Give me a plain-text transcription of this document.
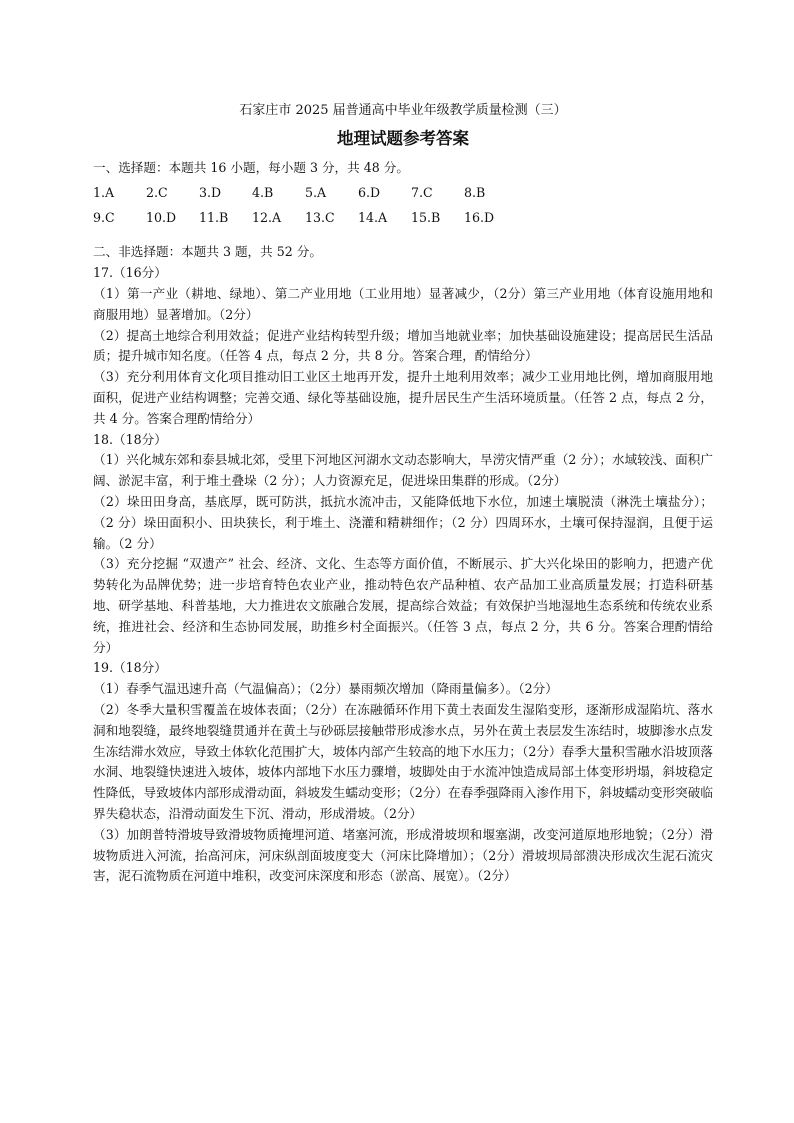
石家庄市 2025 届普通高中毕业年级教学质量检测（三）
地理试题参考答案

一、选择题：本题共 16 小题，每小题 3 分，共 48 分。

1.A	2.C	3.D	4.B	5.A	6.D	7.C	8.B
9.C	10.D	11.B	12.A	13.C	14.A	15.B	16.D

二、非选择题：本题共 3 题，共 52 分。

17.（16分）

（1）第一产业（耕地、绿地）、第二产业用地（工业用地）显著减少，（2分）第三产业用地（体育设施用地和商服用地）显著增加。（2分）

（2）提高土地综合利用效益；促进产业结构转型升级；增加当地就业率；加快基础设施建设；提高居民生活品质；提升城市知名度。（任答 4 点，每点 2 分，共 8 分。答案合理，酌情给分）

（3）充分利用体育文化项目推动旧工业区土地再开发，提升土地利用效率；减少工业用地比例，增加商服用地面积，促进产业结构调整；完善交通、绿化等基础设施，提升居民生产生活环境质量。（任答 2 点，每点 2 分，共 4 分。答案合理酌情给分）

18.（18分）

（1）兴化城东郊和泰县城北郊，受里下河地区河湖水文动态影响大，旱涝灾情严重（2 分）；水域较浅、面积广阔、淤泥丰富，利于堆土叠垛（2 分）；人力资源充足，促进垛田集群的形成。（2分）

（2）垛田田身高，基底厚，既可防洪，抵抗水流冲击，又能降低地下水位，加速土壤脱渍（淋洗土壤盐分）；（2 分）垛田面积小、田块狭长，利于堆土、浇灌和精耕细作；（2 分）四周环水，土壤可保持湿润，且便于运输。（2 分）

（3）充分挖掘 “双遗产” 社会、经济、文化、生态等方面价值，不断展示、扩大兴化垛田的影响力，把遗产优势转化为品牌优势；进一步培育特色农业产业，推动特色农产品种植、农产品加工业高质量发展；打造科研基地、研学基地、科普基地，大力推进农文旅融合发展，提高综合效益；有效保护当地湿地生态系统和传统农业系统，推进社会、经济和生态协同发展，助推乡村全面振兴。（任答 3 点，每点 2 分，共 6 分。答案合理酌情给分）

19.（18分）

（1）春季气温迅速升高（气温偏高）；（2分）暴雨频次增加（降雨量偏多）。（2分）

（2）冬季大量积雪覆盖在坡体表面；（2分）在冻融循环作用下黄土表面发生湿陷变形，逐渐形成湿陷坑、落水洞和地裂缝，最终地裂缝贯通并在黄土与砂砾层接触带形成渗水点，另外在黄土表层发生冻结时，坡脚渗水点发生冻结滞水效应，导致土体软化范围扩大，坡体内部产生较高的地下水压力；（2分）春季大量积雪融水沿坡顶落水洞、地裂缝快速进入坡体，坡体内部地下水压力骤增，坡脚处由于水流冲蚀造成局部土体变形坍塌，斜坡稳定性降低，导致坡体内部形成滑动面，斜坡发生蠕动变形；（2分）在春季强降雨入渗作用下，斜坡蠕动变形突破临界失稳状态，沿滑动面发生下沉、滑动，形成滑坡。（2分）

（3）加朗普特滑坡导致滑坡物质掩埋河道、堵塞河流，形成滑坡坝和堰塞湖，改变河道原地形地貌；（2分）滑坡物质进入河流，抬高河床，河床纵剖面坡度变大（河床比降增加）；（2分）滑坡坝局部溃决形成次生泥石流灾害，泥石流物质在河道中堆积，改变河床深度和形态（淤高、展宽）。（2分）
